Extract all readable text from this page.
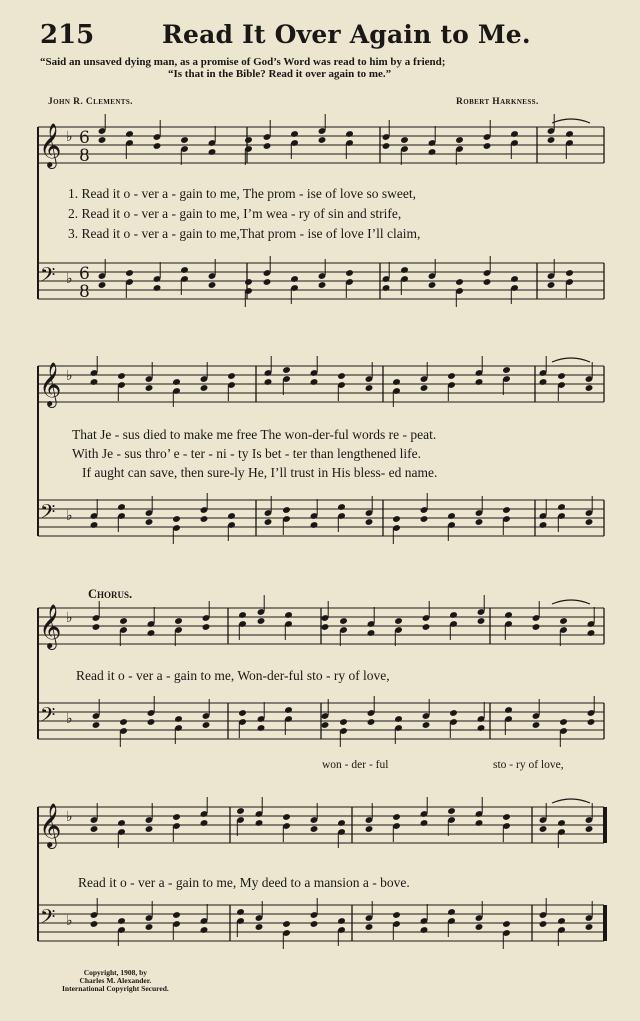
215	Read It Over Again to Me.
“Said an unsaved dying man, as a promise of God’s Word was read to him by a friend;
“Is that in the Bible? Read it over again to me.”
John R. Clements.	Robert Harkness.
𝄞 ♭ 6
8
𝄢 ♭ 6
8
𝄞 ♭
𝄢 ♭
𝄞 ♭
𝄢 ♭
𝄞 ♭
𝄢 ♭
1. Read it o - ver a - gain to me, The prom - ise of love so sweet,
2. Read it o - ver a - gain to me, I’m wea - ry of sin and strife,
3. Read it o - ver a - gain to me,That prom - ise of love I’ll claim,
That Je - sus died to make me free The won-der-ful words re - peat.
With Je - sus thro’ e - ter - ni - ty Is bet - ter than lengthened life.
If aught can save, then sure-ly He, I’ll trust in His bless- ed name.
Chorus.
Read it o - ver a - gain to me, Won-der-ful sto - ry of love,
won - der - ful	sto - ry of love,
Read it o - ver a - gain to me, My deed to a mansion a - bove.
Copyright, 1908, by
Charles M. Alexander.
International Copyright Secured.
